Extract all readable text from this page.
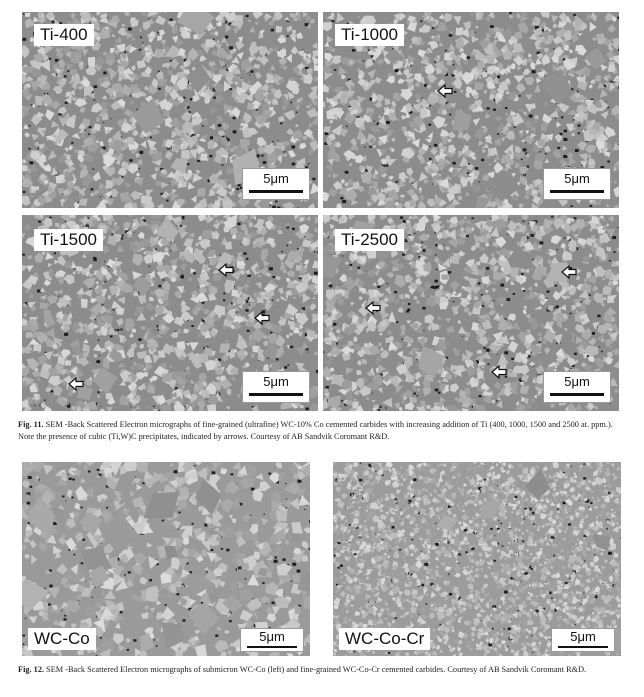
Ti-400
5μm
Ti-1000
5μm
Ti-1500
5μm
Ti-2500
5μm

Fig. 11. SEM -Back Scattered Electron micrographs of fine-grained (ultrafine) WC-10% Co cemented carbides with increasing addition of Ti (400, 1000, 1500 and 2500 at. ppm.). Note the presence of cubic (Ti,W)C precipitates, indicated by arrows. Courtesy of AB Sandvik Coromant R&D.

WC-Co	5μm	WC-Co-Cr	5μm

Fig. 12. SEM -Back Scattered Electron micrographs of submicron WC-Co (left) and fine-grained WC-Co-Cr cemented carbides. Courtesy of AB Sandvik Coromant R&D.
